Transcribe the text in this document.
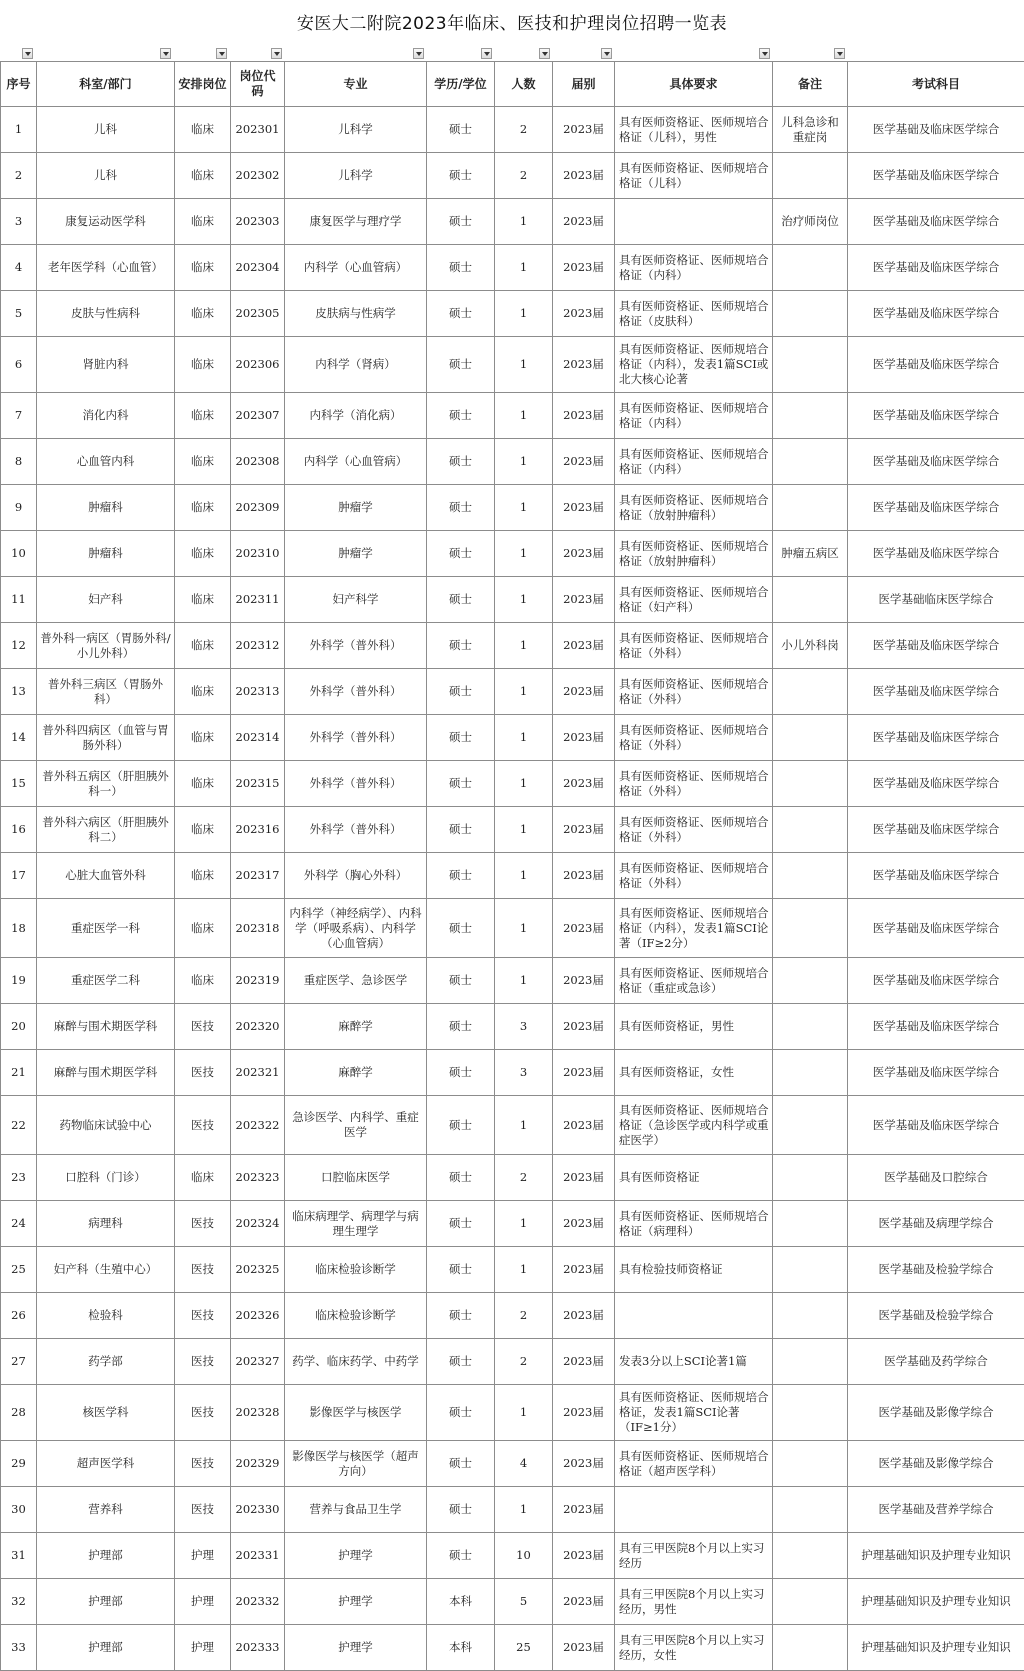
安医大二附院2023年临床、医技和护理岗位招聘一览表
序号	科室/部门	安排岗位	岗位代码	专业	学历/学位	人数	届别	具体要求	备注	考试科目
1	儿科	临床	202301	儿科学	硕士	2	2023届	具有医师资格证、医师规培合格证（儿科），男性	儿科急诊和重症岗	医学基础及临床医学综合
2	儿科	临床	202302	儿科学	硕士	2	2023届	具有医师资格证、医师规培合格证（儿科）		医学基础及临床医学综合
3	康复运动医学科	临床	202303	康复医学与理疗学	硕士	1	2023届		治疗师岗位	医学基础及临床医学综合
4	老年医学科（心血管）	临床	202304	内科学（心血管病）	硕士	1	2023届	具有医师资格证、医师规培合格证（内科）		医学基础及临床医学综合
5	皮肤与性病科	临床	202305	皮肤病与性病学	硕士	1	2023届	具有医师资格证、医师规培合格证（皮肤科）		医学基础及临床医学综合
6	肾脏内科	临床	202306	内科学（肾病）	硕士	1	2023届	具有医师资格证、医师规培合格证（内科），发表1篇SCI或北大核心论著		医学基础及临床医学综合
7	消化内科	临床	202307	内科学（消化病）	硕士	1	2023届	具有医师资格证、医师规培合格证（内科）		医学基础及临床医学综合
8	心血管内科	临床	202308	内科学（心血管病）	硕士	1	2023届	具有医师资格证、医师规培合格证（内科）		医学基础及临床医学综合
9	肿瘤科	临床	202309	肿瘤学	硕士	1	2023届	具有医师资格证、医师规培合格证（放射肿瘤科）		医学基础及临床医学综合
10	肿瘤科	临床	202310	肿瘤学	硕士	1	2023届	具有医师资格证、医师规培合格证（放射肿瘤科）	肿瘤五病区	医学基础及临床医学综合
11	妇产科	临床	202311	妇产科学	硕士	1	2023届	具有医师资格证、医师规培合格证（妇产科）		医学基础临床医学综合
12	普外科一病区（胃肠外科/小儿外科）	临床	202312	外科学（普外科）	硕士	1	2023届	具有医师资格证、医师规培合格证（外科）	小儿外科岗	医学基础及临床医学综合
13	普外科三病区（胃肠外科）	临床	202313	外科学（普外科）	硕士	1	2023届	具有医师资格证、医师规培合格证（外科）		医学基础及临床医学综合
14	普外科四病区（血管与胃肠外科）	临床	202314	外科学（普外科）	硕士	1	2023届	具有医师资格证、医师规培合格证（外科）		医学基础及临床医学综合
15	普外科五病区（肝胆胰外科一）	临床	202315	外科学（普外科）	硕士	1	2023届	具有医师资格证、医师规培合格证（外科）		医学基础及临床医学综合
16	普外科六病区（肝胆胰外科二）	临床	202316	外科学（普外科）	硕士	1	2023届	具有医师资格证、医师规培合格证（外科）		医学基础及临床医学综合
17	心脏大血管外科	临床	202317	外科学（胸心外科）	硕士	1	2023届	具有医师资格证、医师规培合格证（外科）		医学基础及临床医学综合
18	重症医学一科	临床	202318	内科学（神经病学）、内科学（呼吸系病）、内科学（心血管病）	硕士	1	2023届	具有医师资格证、医师规培合格证（内科），发表1篇SCI论著（IF≥2分）		医学基础及临床医学综合
19	重症医学二科	临床	202319	重症医学、急诊医学	硕士	1	2023届	具有医师资格证、医师规培合格证（重症或急诊）		医学基础及临床医学综合
20	麻醉与围术期医学科	医技	202320	麻醉学	硕士	3	2023届	具有医师资格证，男性		医学基础及临床医学综合
21	麻醉与围术期医学科	医技	202321	麻醉学	硕士	3	2023届	具有医师资格证，女性		医学基础及临床医学综合
22	药物临床试验中心	医技	202322	急诊医学、内科学、重症医学	硕士	1	2023届	具有医师资格证、医师规培合格证（急诊医学或内科学或重症医学）		医学基础及临床医学综合
23	口腔科（门诊）	临床	202323	口腔临床医学	硕士	2	2023届	具有医师资格证		医学基础及口腔综合
24	病理科	医技	202324	临床病理学、病理学与病理生理学	硕士	1	2023届	具有医师资格证、医师规培合格证（病理科）		医学基础及病理学综合
25	妇产科（生殖中心）	医技	202325	临床检验诊断学	硕士	1	2023届	具有检验技师资格证		医学基础及检验学综合
26	检验科	医技	202326	临床检验诊断学	硕士	2	2023届			医学基础及检验学综合
27	药学部	医技	202327	药学、临床药学、中药学	硕士	2	2023届	发表3分以上SCI论著1篇		医学基础及药学综合
28	核医学科	医技	202328	影像医学与核医学	硕士	1	2023届	具有医师资格证、医师规培合格证，发表1篇SCI论著（IF≥1分）		医学基础及影像学综合
29	超声医学科	医技	202329	影像医学与核医学（超声方向）	硕士	4	2023届	具有医师资格证、医师规培合格证（超声医学科）		医学基础及影像学综合
30	营养科	医技	202330	营养与食品卫生学	硕士	1	2023届			医学基础及营养学综合
31	护理部	护理	202331	护理学	硕士	10	2023届	具有三甲医院8个月以上实习经历		护理基础知识及护理专业知识
32	护理部	护理	202332	护理学	本科	5	2023届	具有三甲医院8个月以上实习经历，男性		护理基础知识及护理专业知识
33	护理部	护理	202333	护理学	本科	25	2023届	具有三甲医院8个月以上实习经历，女性		护理基础知识及护理专业知识
